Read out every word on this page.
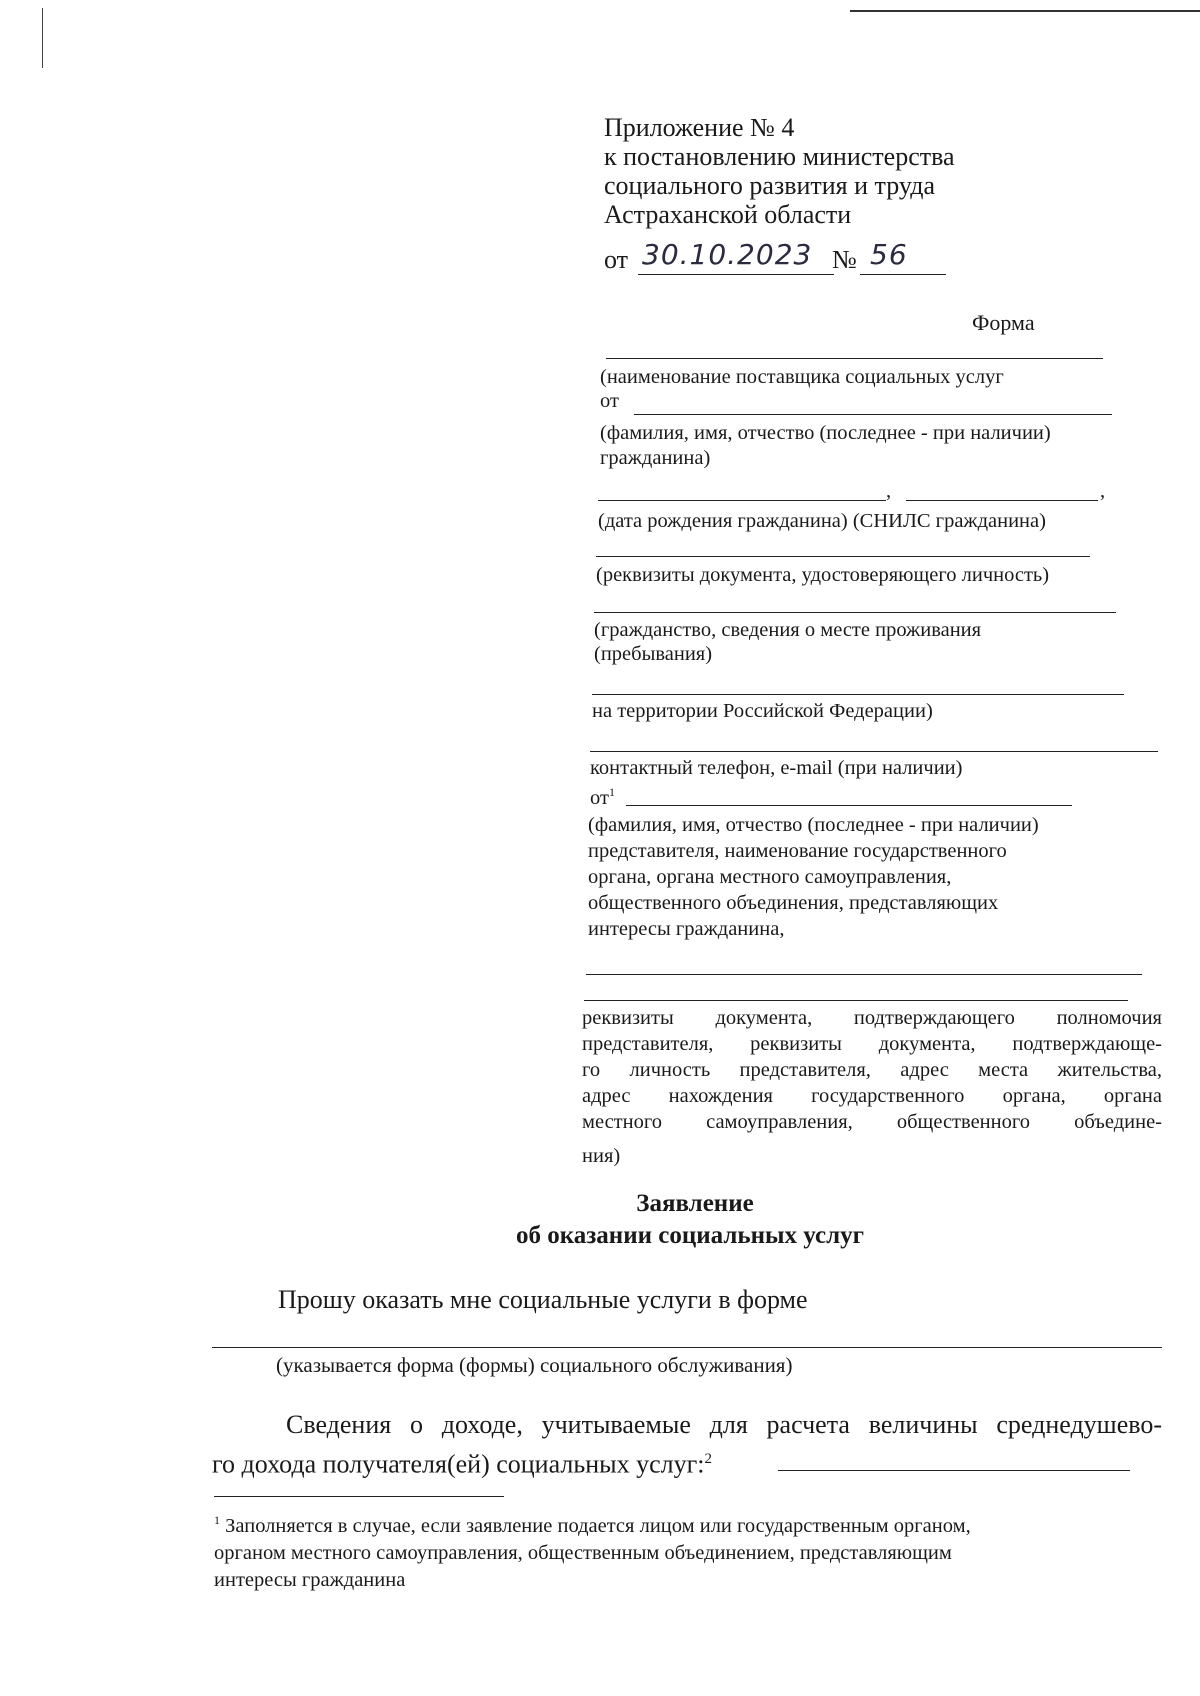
Приложение № 4
к постановлению министерства
социального развития и труда
Астраханской области
от 30.10.2023 № 56
Форма
(наименование поставщика социальных услуг
от
(фамилия, имя, отчество (последнее - при наличии)
гражданина)
,	,
(дата рождения гражданина) (СНИЛС гражданина)
(реквизиты документа, удостоверяющего личность)
(гражданство, сведения о месте проживания
(пребывания)
на территории Российской Федерации)
контактный телефон, e-mail (при наличии)
$от^1$
(фамилия, имя, отчество (последнее - при наличии)
представителя, наименование государственного
органа, органа местного самоуправления,
общественного объединения, представляющих
интересы гражданина,
реквизиты документа, подтверждающего полномочия
представителя, реквизиты документа, подтверждающе-
го личность представителя, адрес места жительства,
адрес нахождения государственного органа, органа
местного самоуправления, общественного объедине-
ния)
Заявление
об оказании социальных услуг
Прошу оказать мне социальные услуги в форме
(указывается форма (формы) социального обслуживания)
Сведения о доходе, учитываемые для расчета величины среднедушево-
го дохода получателя(ей) социальных услуг:$^2$
$^1$ Заполняется в случае, если заявление подается лицом или государственным органом,
органом местного самоуправления, общественным объединением, представляющим
интересы гражданина
